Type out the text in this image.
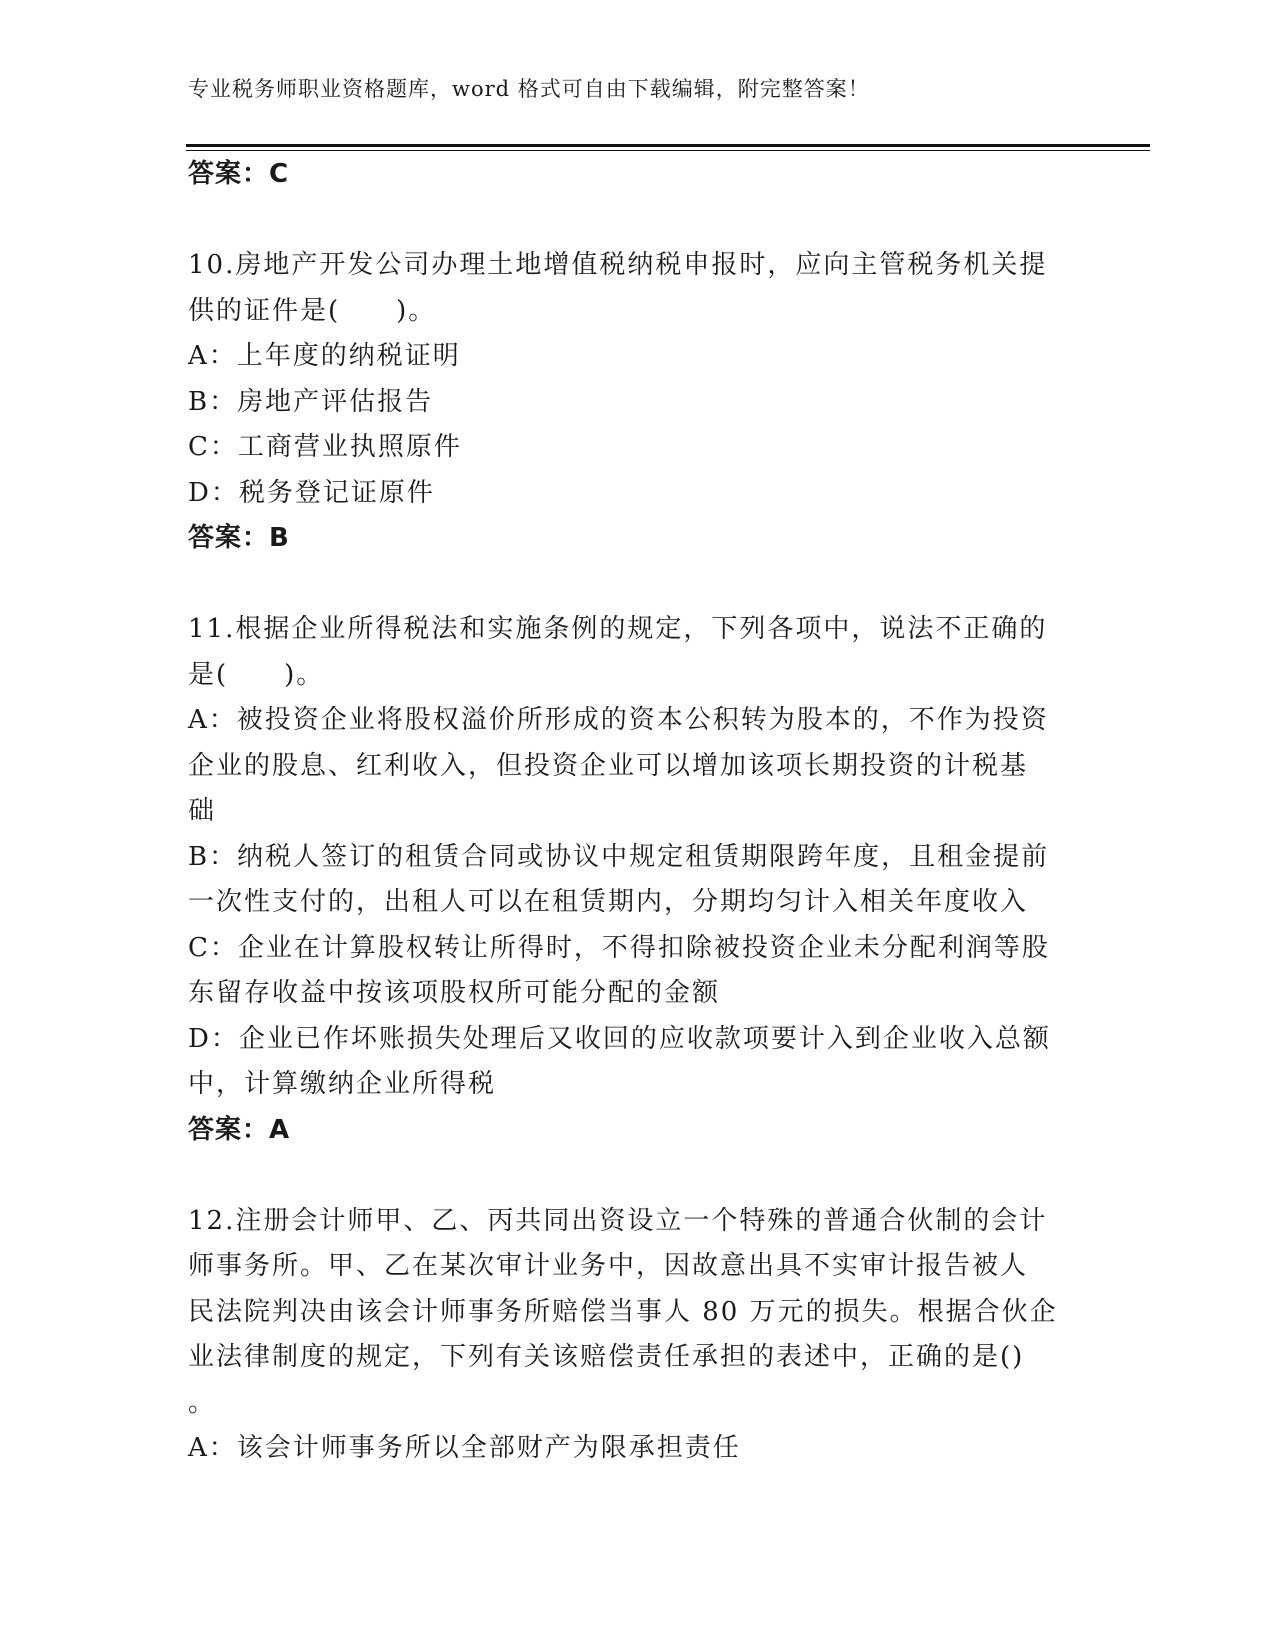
专业税务师职业资格题库，word 格式可自由下载编辑，附完整答案！

答案：C

10.房地产开发公司办理土地增值税纳税申报时，应向主管税务机关提

供的证件是(　　)。

A：上年度的纳税证明

B：房地产评估报告

C：工商营业执照原件

D：税务登记证原件

答案：B

11.根据企业所得税法和实施条例的规定，下列各项中，说法不正确的

是(　　)。

A：被投资企业将股权溢价所形成的资本公积转为股本的，不作为投资

企业的股息、红利收入，但投资企业可以增加该项长期投资的计税基

础

B：纳税人签订的租赁合同或协议中规定租赁期限跨年度，且租金提前

一次性支付的，出租人可以在租赁期内，分期均匀计入相关年度收入

C：企业在计算股权转让所得时，不得扣除被投资企业未分配利润等股

东留存收益中按该项股权所可能分配的金额

D：企业已作坏账损失处理后又收回的应收款项要计入到企业收入总额

中，计算缴纳企业所得税

答案：A

12.注册会计师甲、乙、丙共同出资设立一个特殊的普通合伙制的会计

师事务所。甲、乙在某次审计业务中，因故意出具不实审计报告被人

民法院判决由该会计师事务所赔偿当事人 80 万元的损失。根据合伙企

业法律制度的规定，下列有关该赔偿责任承担的表述中，正确的是()

。

A：该会计师事务所以全部财产为限承担责任
